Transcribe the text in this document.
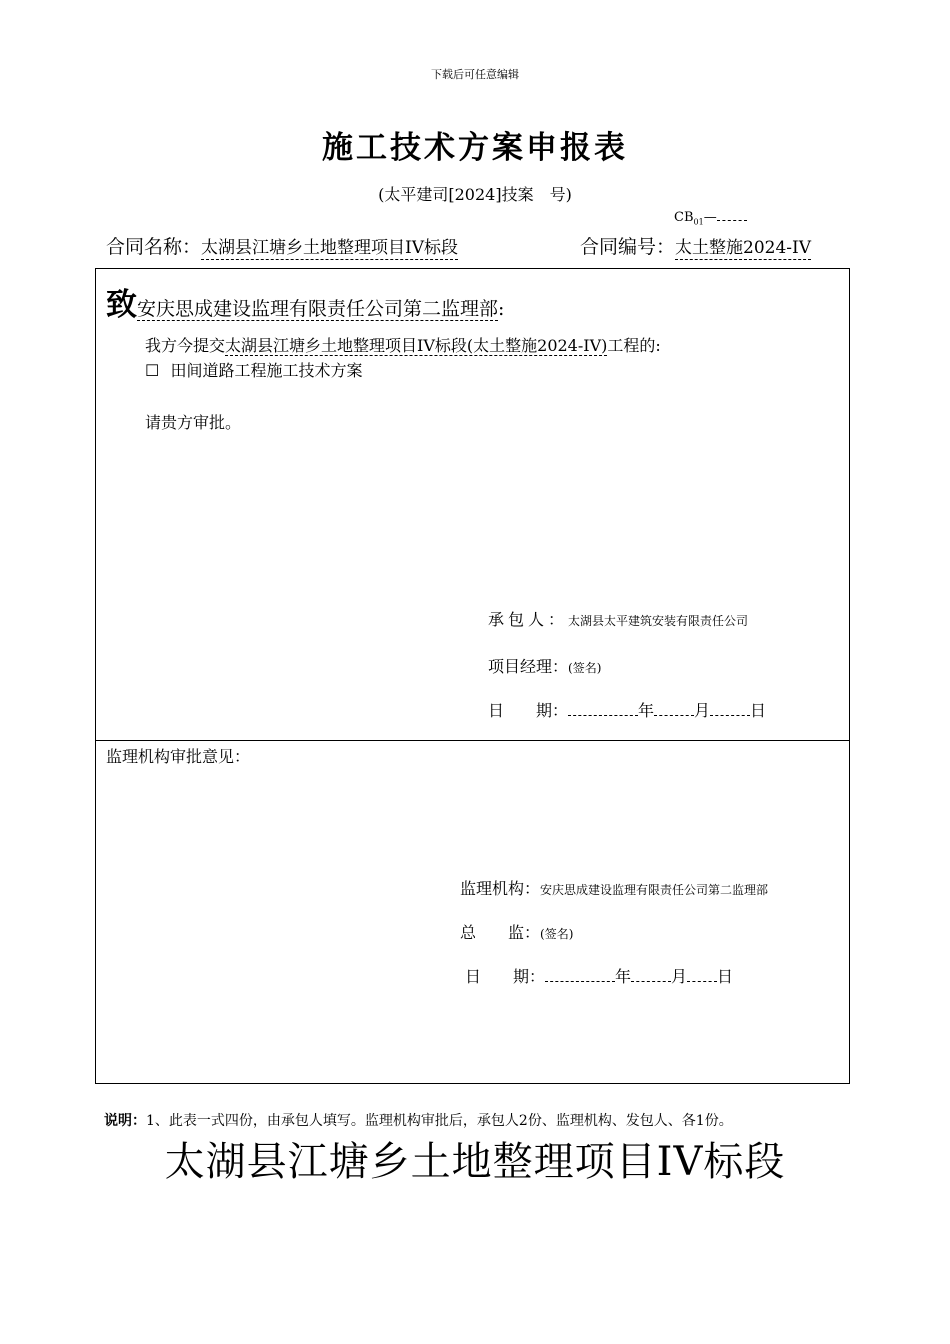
下载后可任意编辑
施工技术方案申报表
(太平建司[2024]技案　号)
$CB_{01}—$
合同名称：太湖县江塘乡土地整理项目IV标段	合同编号：太土整施2024-IV
致安庆思成建设监理有限责任公司第二监理部:
我方今提交太湖县江塘乡土地整理项目IV标段(太土整施2024-IV)工程的:
☐ 田间道路工程施工技术方案
请贵方审批。
承包人：太湖县太平建筑安装有限责任公司
项目经理：(签名)
日　　期：	年	月	日
监理机构审批意见：
监理机构：安庆思成建设监理有限责任公司第二监理部
总　　监：(签名)
日　　期：	年	月 日
说明：1、此表一式四份，由承包人填写。监理机构审批后，承包人2份、监理机构、发包人、各1份。
太湖县江塘乡土地整理项目IV标段
